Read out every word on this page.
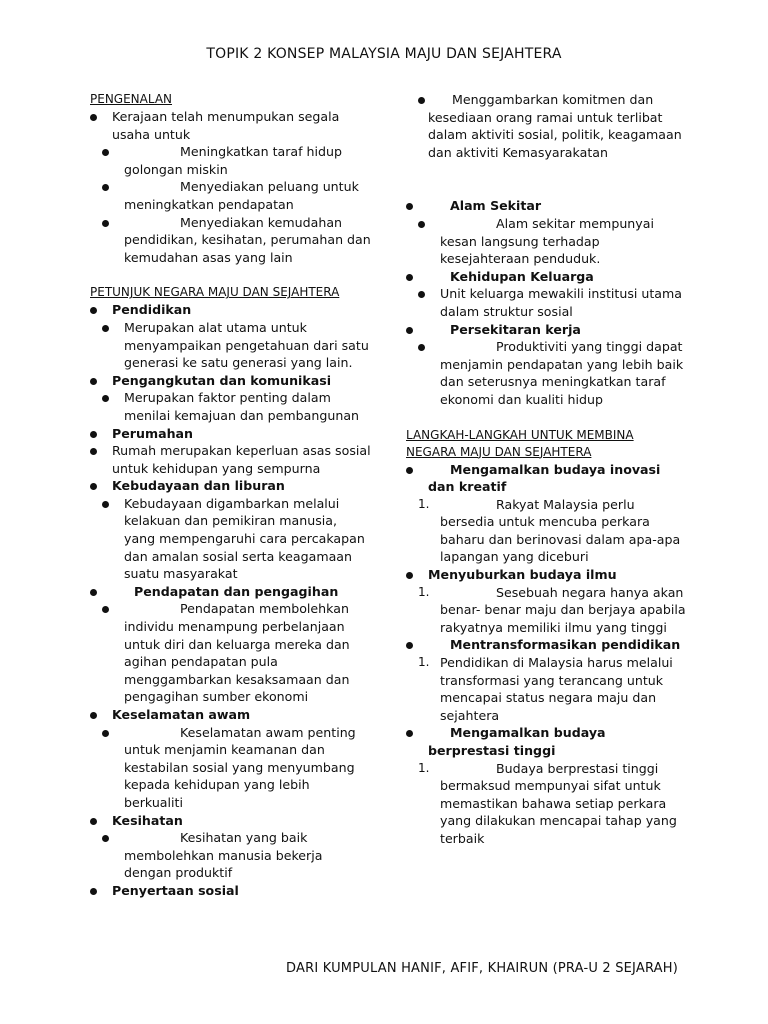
TOPIK 2 KONSEP MALAYSIA MAJU DAN SEJAHTERA
PENGENALAN
Kerajaan telah menumpukan segala usaha untuk
Meningkatkan taraf hidup golongan miskin
Menyediakan peluang untuk meningkatkan pendapatan
Menyediakan kemudahan pendidikan, kesihatan, perumahan dan kemudahan asas yang lain
PETUNJUK NEGARA MAJU DAN SEJAHTERA
Pendidikan
Merupakan alat utama untuk menyampaikan pengetahuan dari satu generasi ke satu generasi yang lain.
Pengangkutan dan komunikasi
Merupakan faktor penting dalam menilai kemajuan dan pembangunan
Perumahan
Rumah merupakan keperluan asas sosial untuk kehidupan yang sempurna
Kebudayaan dan liburan
Kebudayaan digambarkan melalui kelakuan dan pemikiran manusia, yang mempengaruhi cara percakapan dan amalan sosial serta keagamaan suatu masyarakat
Pendapatan dan pengagihan
Pendapatan membolehkan individu menampung perbelanjaan untuk diri dan keluarga mereka dan agihan pendapatan pula menggambarkan kesaksamaan dan pengagihan sumber ekonomi
Keselamatan awam
Keselamatan awam penting untuk menjamin keamanan dan kestabilan sosial yang menyumbang kepada kehidupan yang lebih berkualiti
Kesihatan
Kesihatan yang baik membolehkan manusia bekerja dengan produktif
Penyertaan sosial
Menggambarkan komitmen dan kesediaan orang ramai untuk terlibat dalam aktiviti sosial, politik, keagamaan dan aktiviti Kemasyarakatan
Alam Sekitar
Alam sekitar mempunyai kesan langsung terhadap kesejahteraan penduduk.
Kehidupan Keluarga
Unit keluarga mewakili institusi utama dalam struktur sosial
Persekitaran kerja
Produktiviti yang tinggi dapat menjamin pendapatan yang lebih baik dan seterusnya meningkatkan taraf ekonomi dan kualiti hidup
LANGKAH-LANGKAH UNTUK MEMBINA
NEGARA MAJU DAN SEJAHTERA
Mengamalkan budaya inovasi dan kreatif
1.	Rakyat Malaysia perlu bersedia untuk mencuba perkara baharu dan berinovasi dalam apa-apa lapangan yang diceburi
Menyuburkan budaya ilmu
1.	Sesebuah negara hanya akan benar- benar maju dan berjaya apabila rakyatnya memiliki ilmu yang tinggi
Mentransformasikan pendidikan
1. Pendidikan di Malaysia harus melalui transformasi yang terancang untuk mencapai status negara maju dan sejahtera
Mengamalkan budaya berprestasi tinggi
1.	Budaya berprestasi tinggi bermaksud mempunyai sifat untuk memastikan bahawa setiap perkara yang dilakukan mencapai tahap yang terbaik
DARI KUMPULAN HANIF, AFIF, KHAIRUN (PRA-U 2 SEJARAH)
